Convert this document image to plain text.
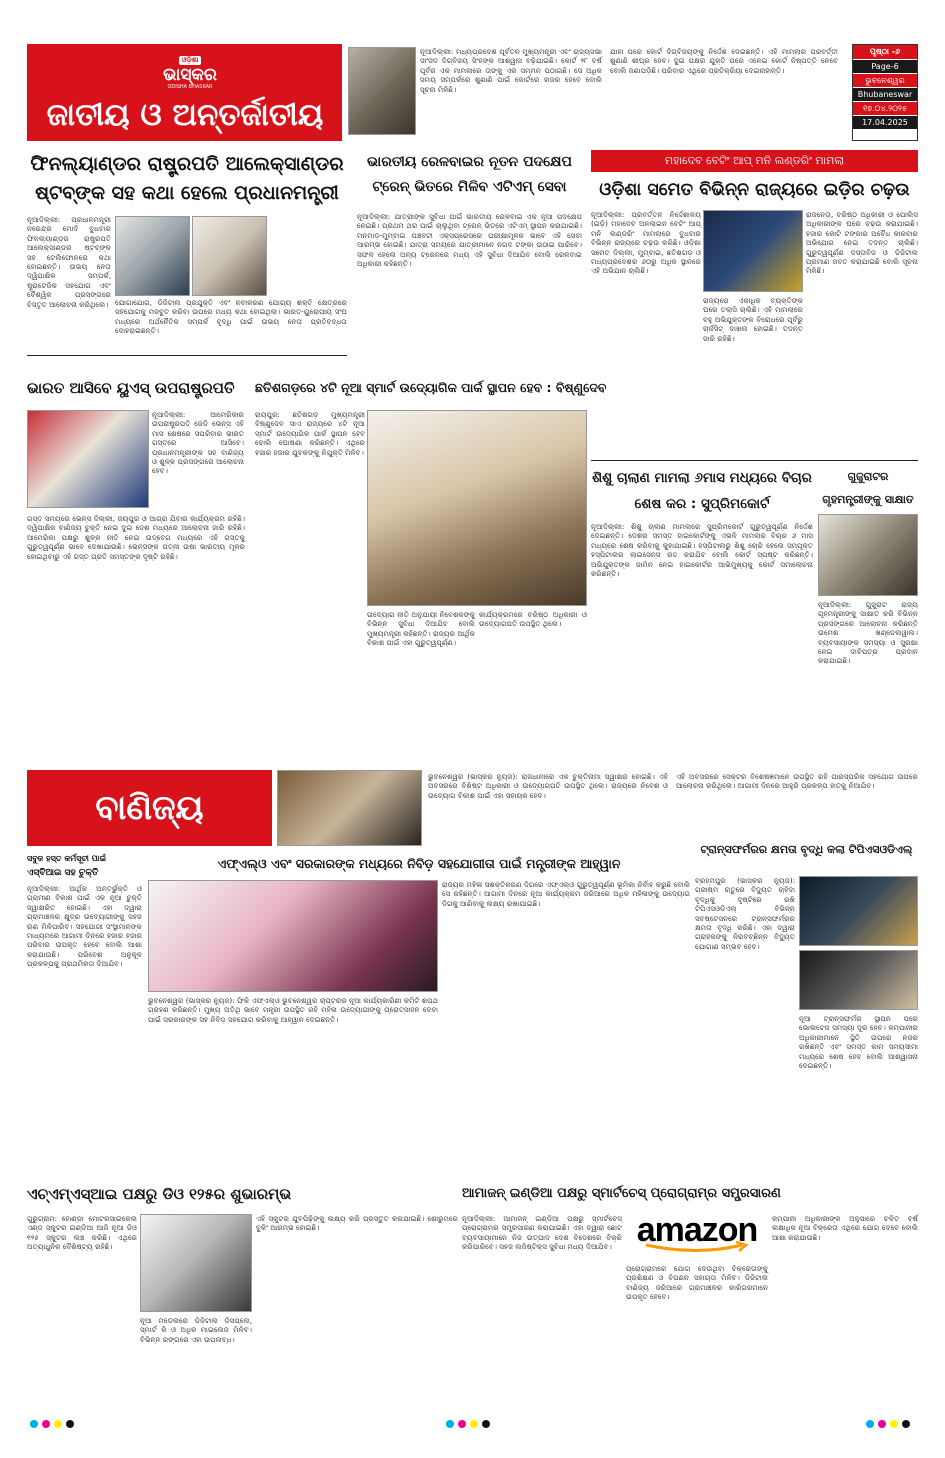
ଓଡ଼ିଶା
ଭାସ୍କର
ODISHA BHASKAR
ଜାତୀୟ ଓ ଅନ୍ତର୍ଜାତୀୟ
ନୂଆଦିଲ୍ଲୀ: ମଧ୍ୟପ୍ରଦେଶ ପୂର୍ବତନ ମୁଖ୍ୟମନ୍ତ୍ରୀ ଏବଂ ରାଜ୍ୟସଭା ସାଂସଦ ଦିଗ୍ବିଜୟ ସିଂହଙ୍କ ଆଶ୍ୱାସ ବଢ଼ିଯାଇଛି। କୋର୍ଟ ୨୮ ବର୍ଷ ପୂର୍ବର ଏକ ମାମଲାରେ ତାଙ୍କୁ ଏକ ସମ୍ମନ ପଠାଇଛି। ସେ ଅଧିକ ସମୟ ସମ୍ପର୍କରେ ଶୁଣାଣି ପାଇଁ କୋର୍ଟରେ ହାଜର ହେବେ ବୋଲି ସୂଚନା ମିଳିଛି।
ଯାହା ପରେ କୋର୍ଟ ଦିଗ୍ବିଜୟଙ୍କୁ ନିର୍ଦ୍ଦେଶ ଦେଇଛନ୍ତି। ଏହି ମାମଲାର ପରବର୍ତ୍ତୀ ଶୁଣାଣି ଶୀଘ୍ର ହେବ। ଦୁଇ ପକ୍ଷର ଯୁକ୍ତି ପରେ ଏନେଇ କୋର୍ଟ ନିଷ୍ପତ୍ତି ନେବେ ବୋଲି ଜଣାପଡ଼ିଛି। ପରିବାର ଏଥିରେ ପ୍ରତିକ୍ରିୟା ଦେଇନାହାନ୍ତି।
ପୃଷ୍ଠା -୬
Page-6
ଭୁବନେଶ୍ୱର
Bhubaneswar
୧୭.୦୪.୨୦୨୫
17.04.2025
ଫିନଲ୍ୟାଣ୍ଡର ରାଷ୍ଟ୍ରପତି ଆଲେକ୍ସାଣ୍ଡର ଷ୍ଟବ୍‌ଙ୍କ ସହ କଥା ହେଲେ ପ୍ରଧାନମନ୍ତ୍ରୀ
ନୂଆଦିଲ୍ଲୀ: ପ୍ରଧାନମନ୍ତ୍ରୀ ନରେନ୍ଦ୍ର ମୋଦି ବୁଧବାର ଫିନଲ୍ୟାଣ୍ଡର ରାଷ୍ଟ୍ରପତି ଆଲେକ୍ସାଣ୍ଡର ଷ୍ଟବ୍‌ଙ୍କ ସହ ଟେଲିଫୋନରେ କଥା ହୋଇଛନ୍ତି। ଉଭୟ ନେତା ଦ୍ୱିପାକ୍ଷିକ ସମ୍ପର୍କ, ଷ୍ଟ୍ରାଟେଜିକ ସହଯୋଗ ଏବଂ ବୈଶ୍ୱିକ ପ୍ରସଙ୍ଗରେ ବିସ୍ତୃତ ଆଲୋଚନା କରିଥିଲେ। ଯୋଗାଯୋଗ, ଡିଜିଟାଲ ପ୍ରଯୁକ୍ତି ଏବଂ ନବୀକରଣ ଯୋଗ୍ୟ ଶକ୍ତି କ୍ଷେତ୍ରରେ ସହଯୋଗକୁ ମଜବୁତ କରିବା ଉପରେ ମଧ୍ୟ କଥା ହୋଇଥିଲା। ଭାରତ-ୟୁରୋପୀୟ ସଂଘ ମଧ୍ୟରେ ଅର୍ଥନୈତିକ ସମ୍ପର୍କ ବୃଦ୍ଧି ପାଇଁ ଉଭୟ ନେତା ପ୍ରତିବଦ୍ଧତା ଦୋହରାଇଛନ୍ତି।
ଭାରତ ଆସିବେ ୟୁଏସ୍ ଉପରାଷ୍ଟ୍ରପତି
ନୂଆଦିଲ୍ଲୀ: ଆମେରିକାର ଉପରାଷ୍ଟ୍ରପତି ଜେଡି ଭେନ୍ସ ଏହି ମାସ ଶେଷରେ ସପରିବାର ଭାରତ ଗସ୍ତରେ ଆସିବେ। ପ୍ରଧାନମନ୍ତ୍ରୀଙ୍କ ସହ ବାଣିଜ୍ୟ ଓ ଶୁଳ୍କ ପ୍ରସଙ୍ଗରେ ଆଲୋଚନା ହେବ।
ଗସ୍ତ ସମୟରେ ଭେନ୍ସ ଦିଲ୍ଲୀ, ଜୟପୁର ଓ ଆଗ୍ରା ଯିବାର କାର୍ଯ୍ୟକ୍ରମ ରହିଛି। ଦ୍ୱିପାକ୍ଷିକ ବାଣିଜ୍ୟ ଚୁକ୍ତି ନେଇ ଦୁଇ ଦେଶ ମଧ୍ୟରେ ଆଲୋଚନା ଜାରି ରହିଛି। ଆମେରିକା ପକ୍ଷରୁ ଶୁଳ୍କ ନୀତି ନେଇ ଉଦ୍‌ବେଗ ମଧ୍ୟରେ ଏହି ଗସ୍ତକୁ ଗୁରୁତ୍ୱପୂର୍ଣ୍ଣ ଭାବେ ଦେଖାଯାଉଛି। ଭେନ୍ସଙ୍କ ପତ୍ନୀ ଉଷା ଭାରତୀୟ ମୂଳର ହୋଇଥିବାରୁ ଏହି ଗସ୍ତ ପ୍ରତି ସମସ୍ତଙ୍କ ଦୃଷ୍ଟି ରହିଛି।
ଛତିଶଗଡ଼ରେ ୪ଟି ନୂଆ ସ୍ମାର୍ଟ ଉଦ୍ୟୋଗିକ ପାର୍କ ସ୍ଥାପନ ହେବ : ବିଷ୍ଣୁଦେବ
ରାୟପୁର: ଛତିଶଗଡ଼ ମୁଖ୍ୟମନ୍ତ୍ରୀ ବିଷ୍ଣୁଦେବ ସାଏ ରାଜ୍ୟରେ ୪ଟି ନୂଆ ସ୍ମାର୍ଟ ଉଦ୍ୟୋଗିକ ପାର୍କ ସ୍ଥାପନ ହେବ ବୋଲି ଘୋଷଣା କରିଛନ୍ତି। ଏଥିରେ ହଜାର ହଜାର ଯୁବକଙ୍କୁ ନିଯୁକ୍ତି ମିଳିବ।
ଉଦ୍ୟୋଗ ନୀତି ଅନୁଯାୟୀ ନିବେଶକଙ୍କୁ ବିଭିନ୍ନ ସୁବିଧା ଦିଆଯିବ ବୋଲି ମୁଖ୍ୟମନ୍ତ୍ରୀ କହିଛନ୍ତି। ରାଜ୍ୟର ଆର୍ଥିକ ବିକାଶ ପାଇଁ ଏହା ଗୁରୁତ୍ୱପୂର୍ଣ୍ଣ।
କାର୍ଯ୍ୟକ୍ରମରେ ବରିଷ୍ଠ ଅଧିକାରୀ ଓ ଉଦ୍ୟୋଗପତି ଉପସ୍ଥିତ ଥିଲେ।
ଭାରତୀୟ ରେଳବାଇର ନୂତନ ପଦକ୍ଷେପ ଟ୍ରେନ୍ ଭିତରେ ମିଳିବ ଏଟିଏମ୍ ସେବା
ନୂଆଦିଲ୍ଲୀ: ଯାତ୍ରୀଙ୍କ ସୁବିଧା ପାଇଁ ଭାରତୀୟ ରେଳବାଇ ଏକ ନୂଆ ପଦକ୍ଷେପ ନେଇଛି। ପ୍ରଥମ ଥର ପାଇଁ ଚାଲୁଥିବା ଟ୍ରେନ୍ ଭିତରେ ଏଟିଏମ୍ ସ୍ଥାପନ କରାଯାଇଛି। ମନମାଡ଼-ମୁମ୍ବାଇ ପଞ୍ଚବଟୀ ଏକ୍ସପ୍ରେସରେ ପରୀକ୍ଷାମୂଳକ ଭାବେ ଏହି ସେବା ଆରମ୍ଭ ହୋଇଛି। ଯାତ୍ରା ସମୟରେ ଯାତ୍ରୀମାନେ ନଗଦ ଟଙ୍କା ଉଠାଇ ପାରିବେ। ସଫଳ ହେଲେ ଅନ୍ୟ ଟ୍ରେନରେ ମଧ୍ୟ ଏହି ସୁବିଧା ଦିଆଯିବ ବୋଲି ରେଳବାଇ ଅଧିକାରୀ କହିଛନ୍ତି।
ମହାଦେବ ବେଟିଂ ଆପ୍ ମନି ଲଣ୍ଡରିଂ ମାମଲା
ଓଡ଼ିଶା ସମେତ ବିଭିନ୍ନ ରାଜ୍ୟରେ ଇଡ଼ିର ଚଢ଼ଉ
ନୂଆଦିଲ୍ଲୀ: ପ୍ରବର୍ତ୍ତନ ନିର୍ଦ୍ଦେଶାଳୟ (ଇଡ଼ି) ମହାଦେବ ଅନଲାଇନ ବେଟିଂ ଆପ୍ ମନି ଲଣ୍ଡରିଂ ମାମଲାରେ ବୁଧବାର ବିଭିନ୍ନ ରାଜ୍ୟରେ ଚଢ଼ଉ କରିଛି। ଓଡ଼ିଶା ସମେତ ଦିଲ୍ଲୀ, ମୁମ୍ବାଇ, ଛତିଶଗଡ଼ ଓ ମଧ୍ୟପ୍ରଦେଶର ୬୦ରୁ ଅଧିକ ସ୍ଥାନରେ ଏହି ଅଭିଯାନ ଚାଲିଛି।
ରାଜ୍ୟରେ ଏକାଧିକ ବ୍ୟକ୍ତିଙ୍କ ଘରେ ତଲାସି ଚାଲିଛି। ଏହି ମାମଲାରେ ବହୁ ଅଭିଯୁକ୍ତଙ୍କ ବିରୋଧରେ ପୂର୍ବରୁ ଚାର୍ଜସିଟ୍ ଦାଖଲ ହୋଇଛି। ତଦନ୍ତ ଜାରି ରହିଛି।
ରାଜନେତା, ବରିଷ୍ଠ ଅଧିକାରୀ ଓ ପୋଲିସ ଅଧିକାରୀଙ୍କ ଘରେ ଚଢ଼ଉ କରାଯାଇଛି। ହଜାର କୋଟି ଟଙ୍କାର ଅବୈଧ କାରବାର ଅଭିଯୋଗ ନେଇ ତଦନ୍ତ ଚାଲିଛି। ଗୁରୁତ୍ୱପୂର୍ଣ୍ଣ ଦସ୍ତାବିଜ ଓ ଡିଜିଟାଲ ପ୍ରମାଣ ଜବତ କରାଯାଇଛି ବୋଲି ସୂଚନା ମିଳିଛି।
ଶିଶୁ ଚାଲାଣ ମାମଲା ୬ମାସ ମଧ୍ୟରେ ବିଚାର ଶେଷ କର : ସୁପ୍ରିମକୋର୍ଟ
ନୂଆଦିଲ୍ଲୀ: ଶିଶୁ ଚାଲାଣ ମାମଲାରେ ସୁପ୍ରିମକୋର୍ଟ ଗୁରୁତ୍ୱପୂର୍ଣ୍ଣ ନିର୍ଦ୍ଦେଶ ଦେଇଛନ୍ତି। ଦେଶର ସମସ୍ତ ହାଇକୋର୍ଟଙ୍କୁ ଏଭଳି ମାମଲାର ବିଚାର ୬ ମାସ ମଧ୍ୟରେ ଶେଷ କରିବାକୁ କୁହାଯାଇଛି। ହସ୍ପିଟାଲରୁ ଶିଶୁ ଚୋରି ହେଲେ ସମ୍ପୃକ୍ତ ହସ୍ପିଟାଲର ଲାଇସେନ୍ସ ରଦ୍ଦ କରାଯିବ ବୋଲି କୋର୍ଟ ସ୍ପଷ୍ଟ କରିଛନ୍ତି। ଅଭିଯୁକ୍ତଙ୍କ ଜାମିନ ନେଇ ହାଇକୋର୍ଟର ଆଭିମୁଖ୍ୟକୁ କୋର୍ଟ ସମାଲୋଚନା କରିଛନ୍ତି।
ଗୁଜୁରାଟର ଗୃହମନ୍ତ୍ରୀଙ୍କୁ ସାକ୍ଷାତ
ନୂଆଦିଲ୍ଲୀ: ଗୁଜୁରାଟ ରାଜ୍ୟ ଗୃହମନ୍ତ୍ରୀଙ୍କୁ ସାକ୍ଷାତ କରି ବିଭିନ୍ନ ପ୍ରସଙ୍ଗରେ ଆଲୋଚନା କରିଛନ୍ତି ଉମେଶ ଖଣ୍ଡେଲୱାଲ। ବ୍ୟବସାୟୀଙ୍କ ସମସ୍ୟା ଓ ସୁରକ୍ଷା ନେଇ ଦାବିପତ୍ର ପ୍ରଦାନ କରାଯାଇଛି।
ବାଣିଜ୍ୟ
ଭୁବନେଶ୍ୱର (ଭାସ୍କର ନ୍ୟୁଜ): ରାଜଧାନୀରେ ଏକ ଚୁକ୍ତିନାମା ସ୍ୱାକ୍ଷର ହୋଇଛି। ଏହି ଅବସରରେ ବିଶିଷ୍ଟ ଅଧିକାରୀ ଓ ଉଦ୍ୟୋଗପତି ଉପସ୍ଥିତ ଥିଲେ। ରାଜ୍ୟରେ ନିବେଶ ଓ ଉଦ୍ୟୋଗ ବିକାଶ ପାଇଁ ଏହା ସହାୟକ ହେବ।
ଏହି ଅବସରରେ ସେକ୍ଟର ବିଶେଷଜ୍ଞମାନେ ଉପସ୍ଥିତ ରହି ପାରସ୍ପରିକ ସହଯୋଗ ଉପରେ ଆଲୋଚନା କରିଥିଲେ। ଆଗାମୀ ଦିନରେ ଆହୁରି ପ୍ରକଳ୍ପ ହାତକୁ ନିଆଯିବ।
ସବୁଜ ହସ୍ତ କର୍ମସୂଚୀ ପାଇଁ
ଏସ୍‌ବିଆଇ ସହ ଚୁକ୍ତି
ନୂଆଦିଲ୍ଲୀ: ଆର୍ଥିକ ଅନ୍ତର୍ଭୁକ୍ତି ଓ ଗ୍ରାମୀଣ ବିକାଶ ପାଇଁ ଏକ ନୂଆ ଚୁକ୍ତି ସ୍ୱାକ୍ଷରିତ ହୋଇଛି। ଏହା ଦ୍ୱାରା ଗ୍ରାମାଞ୍ଚଳର କ୍ଷୁଦ୍ର ଉଦ୍ୟୋଗୀଙ୍କୁ ସହଜ ଋଣ ମିଳିପାରିବ। ସହଯୋଗୀ ସଂସ୍ଥାମାନଙ୍କ ମାଧ୍ୟମରେ ଆଗାମୀ ଦିନରେ ହଜାର ହଜାର ପରିବାର ଉପକୃତ ହେବେ ବୋଲି ଆଶା କରାଯାଉଛି। ପରିବେଶ ଅନୁକୂଳ ପ୍ରକଳ୍ପକୁ ପ୍ରାଥମିକତା ଦିଆଯିବ।
ଏଫ୍‌ଏଲ୍‌ଓ ଏବଂ ସରକାରଙ୍କ ମଧ୍ୟରେ ନିବିଡ଼ ସହଯୋଗୀତା ପାଇଁ ମନ୍ତ୍ରୀଙ୍କ ଆହ୍ୱାନ
ଭୁବନେଶ୍ୱର (ଭାସ୍କର ନ୍ୟୁଜ): ଫିକି ଏଫ୍‌ଏଲ୍‌ଓ ଭୁବନେଶ୍ୱର ଚାପ୍ଟରର ନୂଆ କାର୍ଯ୍ୟକାରିଣୀ କମିଟି ଶପଥ ଗ୍ରହଣ କରିଛନ୍ତି। ମୁଖ୍ୟ ଅତିଥି ଭାବେ ମନ୍ତ୍ରୀ ଉପସ୍ଥିତ ରହି ମହିଳା ଉଦ୍ୟୋଗୀଙ୍କୁ ପ୍ରୋତ୍ସାହନ ଦେବା ପାଇଁ ସରକାରଙ୍କ ସହ ନିବିଡ଼ ସହଯୋଗ କରିବାକୁ ଆହ୍ୱାନ ଦେଇଛନ୍ତି।
ରାଜ୍ୟର ମହିଳା ସଶକ୍ତିକରଣ ଦିଗରେ ଏଫ୍‌ଏଲ୍‌ଓ ଗୁରୁତ୍ୱପୂର୍ଣ୍ଣ ଭୂମିକା ନିର୍ବାହ କରୁଛି ବୋଲି ସେ କହିଛନ୍ତି। ଆଗାମୀ ଦିନରେ ନୂଆ କାର୍ଯ୍ୟକ୍ରମ ଜରିଆରେ ଅଧିକ ମହିଳାଙ୍କୁ ଉଦ୍ୟୋଗ ଦିଗକୁ ଆଣିବାକୁ ଲକ୍ଷ୍ୟ ରଖାଯାଇଛି।
ଟ୍ରାନ୍ସଫର୍ମରର କ୍ଷମତା ବୃଦ୍ଧି କଲା ଟିପିଏସଓଡିଏଲ୍
ବ୍ରହ୍ମପୁର (ଭାସ୍କର ନ୍ୟୁଜ): ଗ୍ରୀଷ୍ମ ଋତୁରେ ବିଦ୍ୟୁତ ଚାହିଦା ବୃଦ୍ଧିକୁ ଦୃଷ୍ଟିରେ ରଖି ଟିପିଏସଓଡିଏଲ୍ ବିଭିନ୍ନ ସବଷ୍ଟେସନରେ ଟ୍ରାନ୍ସଫର୍ମରର କ୍ଷମତା ବୃଦ୍ଧି କରିଛି। ଏହା ଦ୍ୱାରା ଗ୍ରାହକଙ୍କୁ ନିରବଚ୍ଛିନ୍ନ ବିଦ୍ୟୁତ ଯୋଗାଣ ସମ୍ଭବ ହେବ।
ନୂଆ ଟ୍ରାନ୍ସଫର୍ମର ସ୍ଥାପନ ପରେ ଭୋଲଟେଜ ସମସ୍ୟା ଦୂର ହେବ। କମ୍ପାନୀର ଅଧିକାରୀମାନେ ସ୍ଥିତି ଉପରେ ନଜର ରଖିଛନ୍ତି ଏବଂ ସମସ୍ତ କାମ ସମୟସୀମା ମଧ୍ୟରେ ଶେଷ ହେବ ବୋଲି ଆଶ୍ୱାସନା ଦେଇଛନ୍ତି।
ଏଚ୍‌ଏମ୍‌ଏସ୍‌ଆଇ ପକ୍ଷରୁ ଡିଓ ୧୨୫ର ଶୁଭାରମ୍ଭ
ଗୁରୁଗ୍ରାମ: ହୋଣ୍ଡା ମୋଟରସାଇକେଲ ଏଣ୍ଡ ସ୍କୁଟର ଇଣ୍ଡିଆ ଆଜି ନୂଆ ଡିଓ ୧୨୫ ସ୍କୁଟର ଲଞ୍ଚ କରିଛି। ଏଥିରେ ଅତ୍ୟାଧୁନିକ ବୈଶିଷ୍ଟ୍ୟ ରହିଛି।
ନୂଆ ମଡେଲରେ ଡିଜିଟାଲ ଡିସପ୍ଲେ, ସ୍ମାର୍ଟ କି ଓ ଅଧିକ ମାଇଲେଜ ମିଳିବ। ବିଭିନ୍ନ ରଙ୍ଗରେ ଏହା ଉପଲବ୍ଧ।
ଏହି ସ୍କୁଟର ଯୁବପିଢ଼ିଙ୍କୁ ଲକ୍ଷ୍ୟ କରି ପ୍ରସ୍ତୁତ କରାଯାଇଛି। ଶୋରୁମରେ ବୁକିଂ ଆରମ୍ଭ ହୋଇଛି।
ଆମାଜନ୍ ଇଣ୍ଡିଆ ପକ୍ଷରୁ ସ୍ମାର୍ଟଚେସ୍ ପ୍ରୋଗ୍ରାମ୍‌ର ସମ୍ପ୍ରସାରଣ
ନୂଆଦିଲ୍ଲୀ: ଆମାଜନ୍ ଇଣ୍ଡିଆ ପକ୍ଷରୁ ସ୍ମାର୍ଟଚେସ୍ ପ୍ରୋଗ୍ରାମର ସମ୍ପ୍ରସାରଣ କରାଯାଇଛି। ଏହା ଦ୍ୱାରା ଛୋଟ ବ୍ୟବସାୟୀମାନେ ନିଜ ଉତ୍ପାଦ ଦେଶ ବିଦେଶରେ ବିକ୍ରି କରିପାରିବେ। ସହଜ ଲଜିଷ୍ଟିକ୍ସ ସୁବିଧା ମଧ୍ୟ ଦିଆଯିବ। amazon
ପ୍ରୋଗ୍ରାମରେ ଯୋଗ ଦେଉଥିବା ବିକ୍ରେତାଙ୍କୁ ପ୍ରଶିକ୍ଷଣ ଓ ବିପଣନ ସହାୟତା ମିଳିବ। ଡିଜିଟାଲ ବାଣିଜ୍ୟ ଜରିଆରେ ଗ୍ରାମାଞ୍ଚଳର କାରିଗରମାନେ ଉପକୃତ ହେବେ।
କମ୍ପାନୀ ଅଧିକାରୀଙ୍କ ଅନୁସାରେ ଚଳିତ ବର୍ଷ ଲକ୍ଷାଧିକ ନୂଆ ବିକ୍ରେତା ଏଥିରେ ଯୋଗ ଦେବେ ବୋଲି ଆଶା କରାଯାଉଛି।
